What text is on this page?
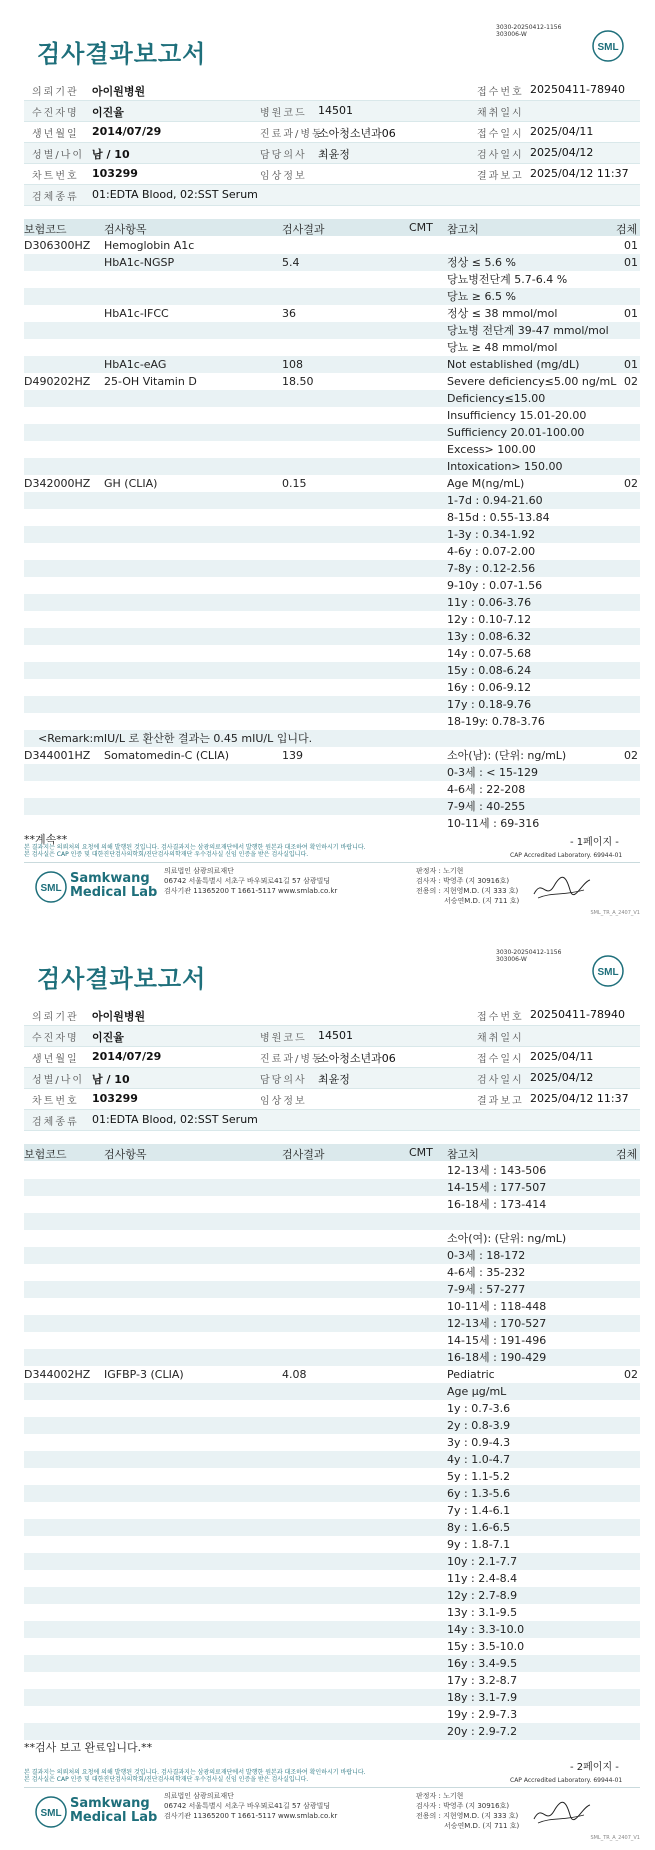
3030-20250412-1156
303006-W
검사결과보고서	SML
의뢰기관 아이원병원	접수번호 20250411-78940
수진자명 이진율	병원코드 14501	채취일시
생년월일 2014/07/29	진료과/병동
소아청소년과06	접수일시 2025/04/11
성별/나이 남 / 10	담당의사 최윤정	검사일시 2025/04/12
차트번호 103299	임상정보	결과보고 2025/04/12 11:37
검체종류 01:EDTA Blood, 02:SST Serum
보험코드	검사항목	검사결과	CMT 참고치	검체
D306300HZ Hemoglobin A1c	01
HbA1c-NGSP	5.4	정상 ≤ 5.6 %	01
당뇨병전단계 5.7-6.4 %
당뇨 ≥ 6.5 %
HbA1c-IFCC	36	정상 ≤ 38 mmol/mol	01
당뇨병 전단계 39-47 mmol/mol
당뇨 ≥ 48 mmol/mol
HbA1c-eAG	108	Not established (mg/dL)	01
D490202HZ 25-OH Vitamin D	18.50	Severe deficiency≤5.00 ng/mL 02
Deficiency≤15.00
Insufficiency 15.01-20.00
Sufficiency 20.01-100.00
Excess> 100.00
Intoxication> 150.00
D342000HZ GH (CLIA)	0.15	Age M(ng/mL)	02
1-7d : 0.94-21.60
8-15d : 0.55-13.84
1-3y : 0.34-1.92
4-6y : 0.07-2.00
7-8y : 0.12-2.56
9-10y : 0.07-1.56
11y : 0.06-3.76
12y : 0.10-7.12
13y : 0.08-6.32
14y : 0.07-5.68
15y : 0.08-6.24
16y : 0.06-9.12
17y : 0.18-9.76
18-19y: 0.78-3.76
<Remark:mIU/L 로 환산한 결과는 0.45 mIU/L 입니다.
D344001HZ Somatomedin-C (CLIA)	139	소아(남): (단위: ng/mL)	02
0-3세 : < 15-129
4-6세 : 22-208
7-9세 : 40-255
10-11세 : 69-316
**계속**	- 1페이지 -
본 결과지는 의뢰처의 요청에 의해 발행된 것입니다. 검사결과지는 삼광의료재단에서 발행한 원본과 대조하여 확인하시기 바랍니다.
본 검사실은 CAP 인증 및 대한진단검사의학회/진단검사의학재단 우수검사실 신임 인증을 받은 검사실입니다.	CAP Accredited Laboratory. 69944-01
SML
Samkwang
Medical Lab
의료법인 삼광의료재단
06742 서울특별시 서초구 바우뫼로41길 57 삼광빌딩
검사기관 11365200 T 1661-5117 www.smlab.co.kr
판정자 : 노기현
검사자 : 박영주 (지 30916호)
전용의 : 지현영M.D. (지 333 호)
서승연M.D. (지 711 호)
SML_TR_A_2407_V1
3030-20250412-1156
303006-W
검사결과보고서	SML
의뢰기관 아이원병원	접수번호 20250411-78940
수진자명 이진율	병원코드 14501	채취일시
생년월일 2014/07/29	진료과/병동
소아청소년과06	접수일시 2025/04/11
성별/나이 남 / 10	담당의사 최윤정	검사일시 2025/04/12
차트번호 103299	임상정보	결과보고 2025/04/12 11:37
검체종류 01:EDTA Blood, 02:SST Serum
보험코드	검사항목	검사결과	CMT 참고치	검체
12-13세 : 143-506
14-15세 : 177-507
16-18세 : 173-414
소아(여): (단위: ng/mL)
0-3세 : 18-172
4-6세 : 35-232
7-9세 : 57-277
10-11세 : 118-448
12-13세 : 170-527
14-15세 : 191-496
16-18세 : 190-429
D344002HZ IGFBP-3 (CLIA)	4.08	Pediatric	02
Age μg/mL
1y : 0.7-3.6
2y : 0.8-3.9
3y : 0.9-4.3
4y : 1.0-4.7
5y : 1.1-5.2
6y : 1.3-5.6
7y : 1.4-6.1
8y : 1.6-6.5
9y : 1.8-7.1
10y : 2.1-7.7
11y : 2.4-8.4
12y : 2.7-8.9
13y : 3.1-9.5
14y : 3.3-10.0
15y : 3.5-10.0
16y : 3.4-9.5
17y : 3.2-8.7
18y : 3.1-7.9
19y : 2.9-7.3
20y : 2.9-7.2
**검사 보고 완료입니다.**
- 2페이지 -
본 결과지는 의뢰처의 요청에 의해 발행된 것입니다. 검사결과지는 삼광의료재단에서 발행한 원본과 대조하여 확인하시기 바랍니다.
본 검사실은 CAP 인증 및 대한진단검사의학회/진단검사의학재단 우수검사실 신임 인증을 받은 검사실입니다.	CAP Accredited Laboratory. 69944-01
SML
Samkwang
Medical Lab
의료법인 삼광의료재단
06742 서울특별시 서초구 바우뫼로41길 57 삼광빌딩
검사기관 11365200 T 1661-5117 www.smlab.co.kr
판정자 : 노기현
검사자 : 박영주 (지 30916호)
전용의 : 지현영M.D. (지 333 호)
서승연M.D. (지 711 호)
SML_TR_A_2407_V1
